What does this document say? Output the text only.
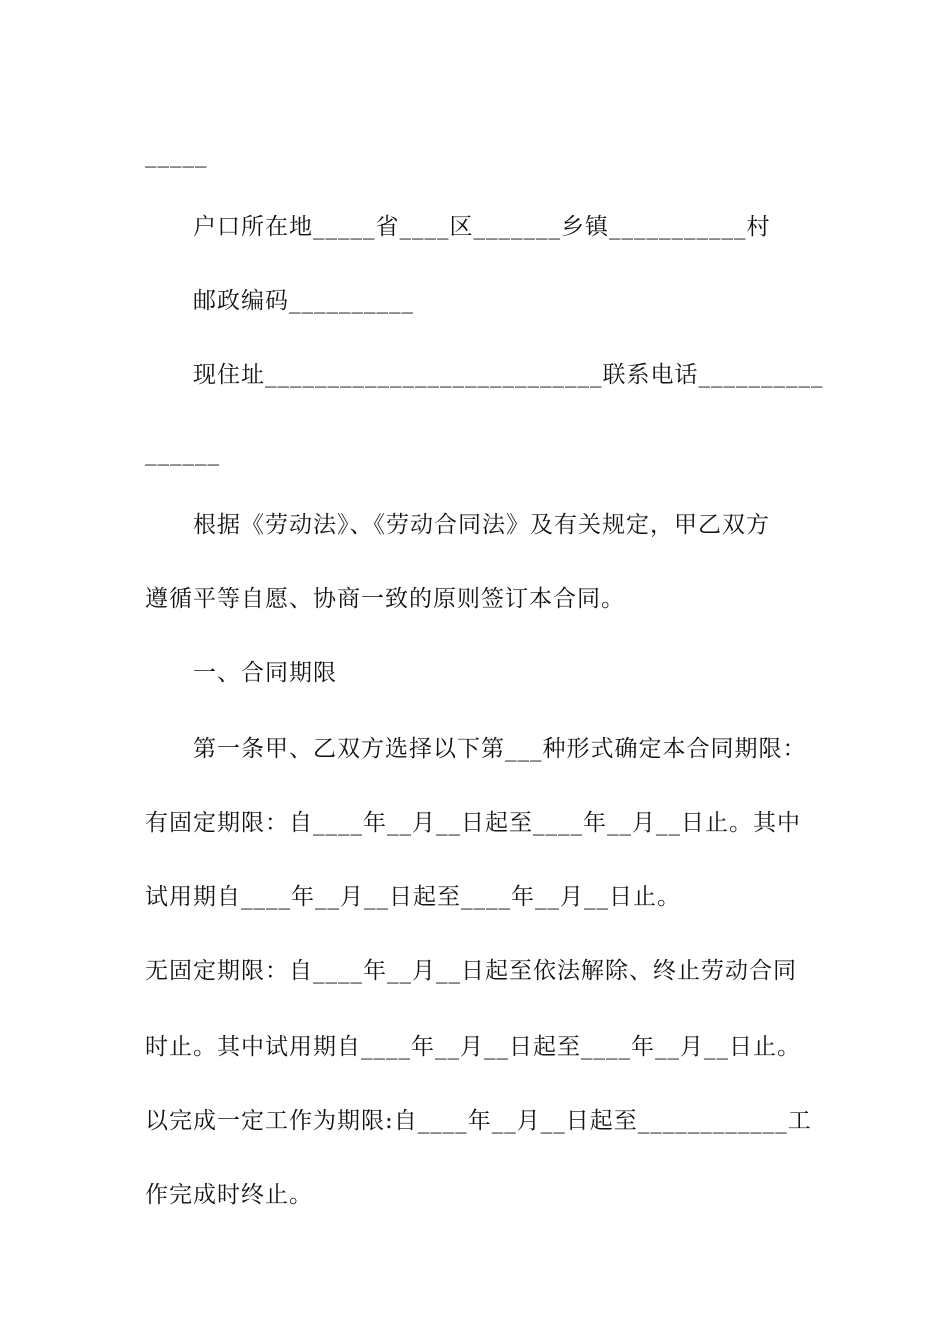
_____
户口所在地_____省____区_______乡镇___________村
邮政编码__________
现住址___________________________联系电话__________
______
根据《劳动法》、《劳动合同法》及有关规定，甲乙双方
遵循平等自愿、协商一致的原则签订本合同。
一、合同期限
第一条甲、乙双方选择以下第___种形式确定本合同期限：
有固定期限：自____年__月__日起至____年__月__日止。其中
试用期自____年__月__日起至____年__月__日止。
无固定期限：自____年__月__日起至依法解除、终止劳动合同
时止。其中试用期自____年__月__日起至____年__月__日止。
以完成一定工作为期限:自____年__月__日起至____________工
作完成时终止。
